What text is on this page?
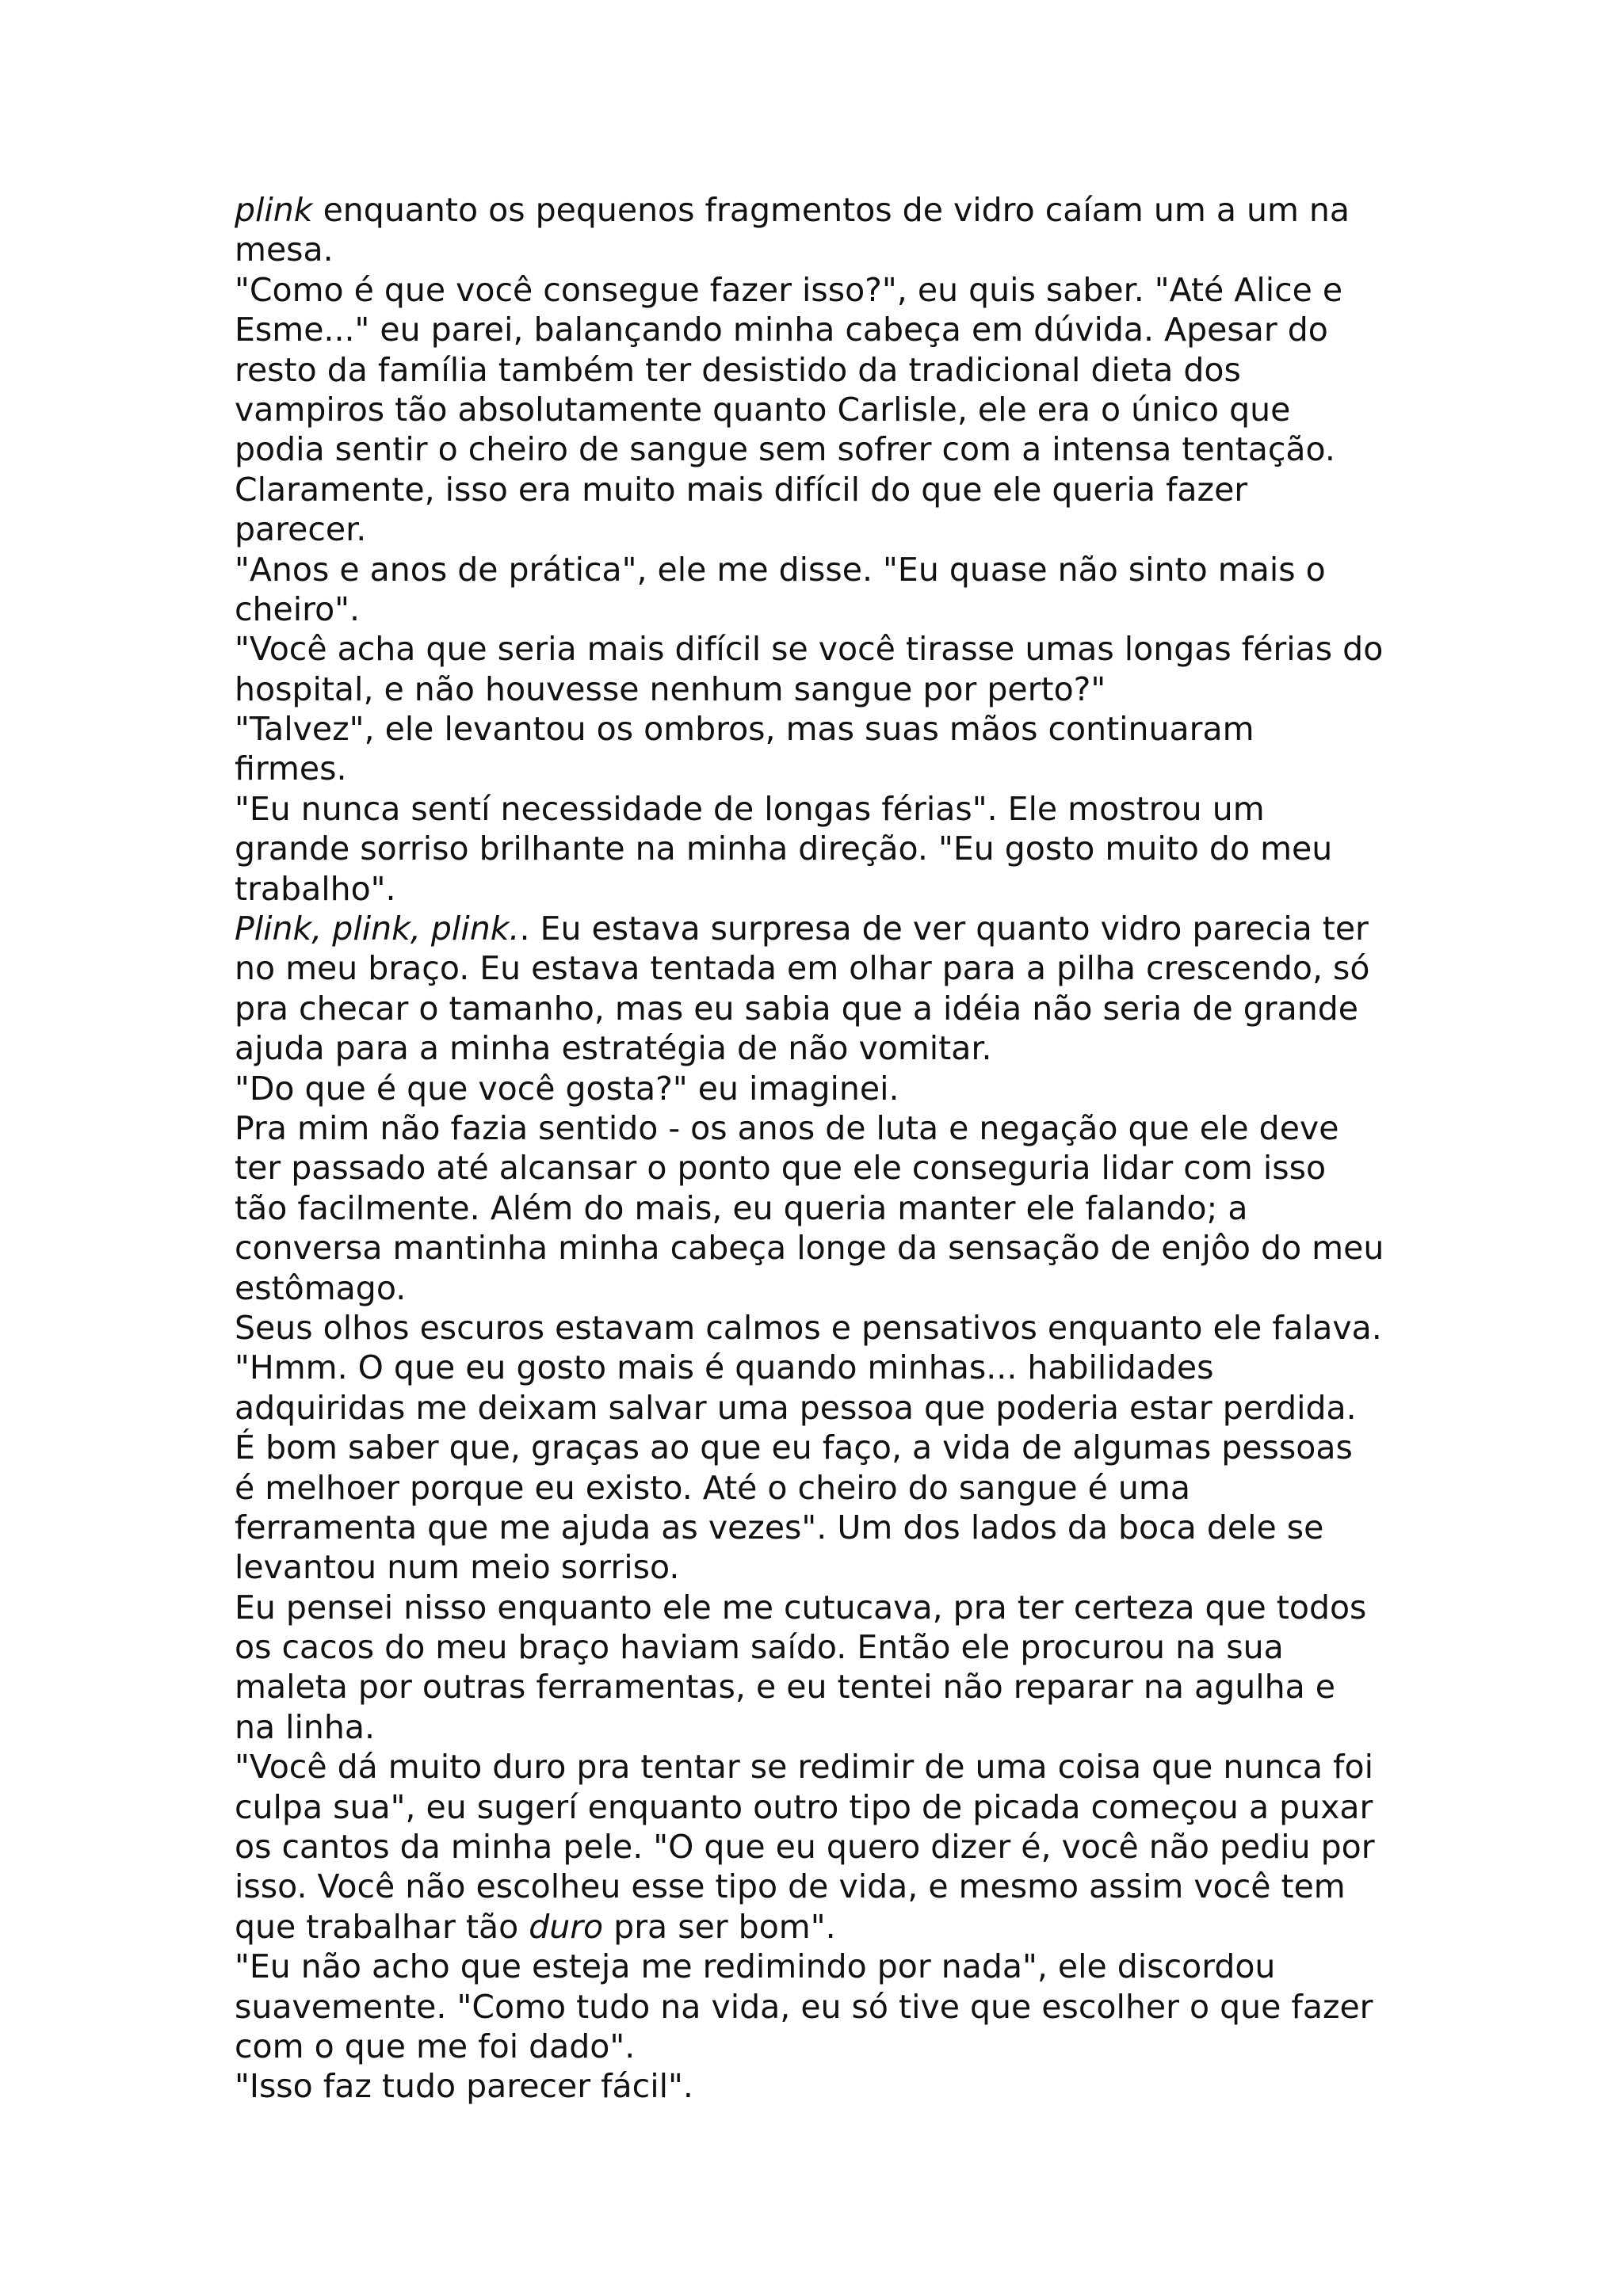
plink enquanto os pequenos fragmentos de vidro caíam um a um na
mesa.
"Como é que você consegue fazer isso?", eu quis saber. "Até Alice e
Esme..." eu parei, balançando minha cabeça em dúvida. Apesar do
resto da família também ter desistido da tradicional dieta dos
vampiros tão absolutamente quanto Carlisle, ele era o único que
podia sentir o cheiro de sangue sem sofrer com a intensa tentação.
Claramente, isso era muito mais difícil do que ele queria fazer
parecer.
"Anos e anos de prática", ele me disse. "Eu quase não sinto mais o
cheiro".
"Você acha que seria mais difícil se você tirasse umas longas férias do
hospital, e não houvesse nenhum sangue por perto?"
"Talvez", ele levantou os ombros, mas suas mãos continuaram
firmes.
"Eu nunca sentí necessidade de longas férias". Ele mostrou um
grande sorriso brilhante na minha direção. "Eu gosto muito do meu
trabalho".
Plink, plink, plink.. Eu estava surpresa de ver quanto vidro parecia ter
no meu braço. Eu estava tentada em olhar para a pilha crescendo, só
pra checar o tamanho, mas eu sabia que a idéia não seria de grande
ajuda para a minha estratégia de não vomitar.
"Do que é que você gosta?" eu imaginei.
Pra mim não fazia sentido - os anos de luta e negação que ele deve
ter passado até alcansar o ponto que ele conseguria lidar com isso
tão facilmente. Além do mais, eu queria manter ele falando; a
conversa mantinha minha cabeça longe da sensação de enjôo do meu
estômago.
Seus olhos escuros estavam calmos e pensativos enquanto ele falava.
"Hmm. O que eu gosto mais é quando minhas... habilidades
adquiridas me deixam salvar uma pessoa que poderia estar perdida.
É bom saber que, graças ao que eu faço, a vida de algumas pessoas
é melhoer porque eu existo. Até o cheiro do sangue é uma
ferramenta que me ajuda as vezes". Um dos lados da boca dele se
levantou num meio sorriso.
Eu pensei nisso enquanto ele me cutucava, pra ter certeza que todos
os cacos do meu braço haviam saído. Então ele procurou na sua
maleta por outras ferramentas, e eu tentei não reparar na agulha e
na linha.
"Você dá muito duro pra tentar se redimir de uma coisa que nunca foi
culpa sua", eu sugerí enquanto outro tipo de picada começou a puxar
os cantos da minha pele. "O que eu quero dizer é, você não pediu por
isso. Você não escolheu esse tipo de vida, e mesmo assim você tem
que trabalhar tão duro pra ser bom".
"Eu não acho que esteja me redimindo por nada", ele discordou
suavemente. "Como tudo na vida, eu só tive que escolher o que fazer
com o que me foi dado".
"Isso faz tudo parecer fácil".
